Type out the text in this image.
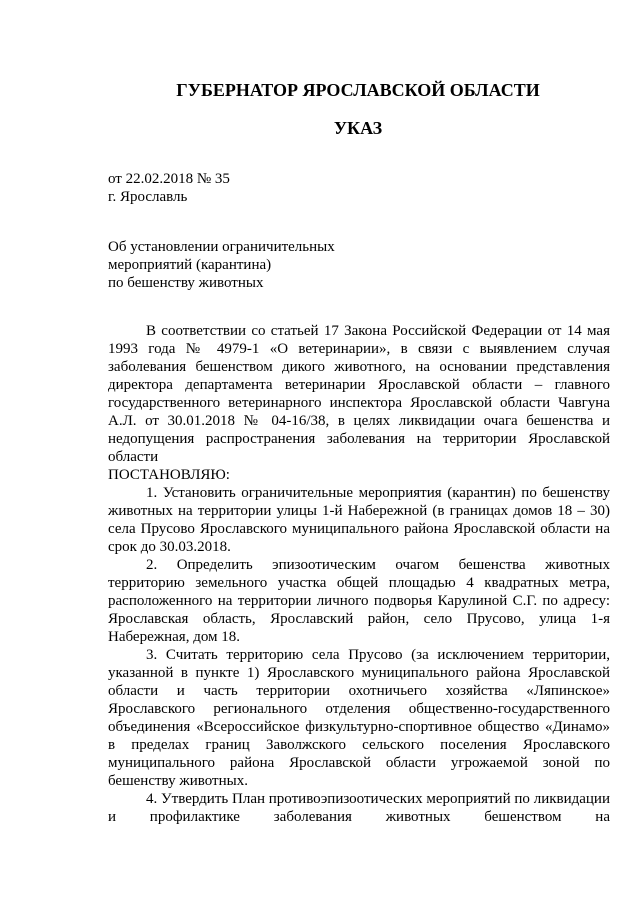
ГУБЕРНАТОР ЯРОСЛАВСКОЙ ОБЛАСТИ
УКАЗ
от 22.02.2018 № 35
г. Ярославль
Об установлении ограничительных
мероприятий (карантина)
по бешенству животных

В соответствии со статьей 17 Закона Российской Федерации от 14 мая 1993 года № 4979-1 «О ветеринарии», в связи с выявлением случая заболевания бешенством дикого животного, на основании представления директора департамента ветеринарии Ярославской области – главного государственного ветеринарного инспектора Ярославской области Чавгуна А.Л. от 30.01.2018 № 04-16/38, в целях ликвидации очага бешенства и недопущения распространения заболевания на территории Ярославской области

ПОСТАНОВЛЯЮ:

1. Установить ограничительные мероприятия (карантин) по бешенству животных на территории улицы 1-й Набережной (в границах домов 18 – 30) села Прусово Ярославского муниципального района Ярославской области на срок до 30.03.2018.

2. Определить эпизоотическим очагом бешенства животных территорию земельного участка общей площадью 4 квадратных метра, расположенного на территории личного подворья Карулиной С.Г. по адресу: Ярославская область, Ярославский район, село Прусово, улица 1-я Набережная, дом 18.

3. Считать территорию села Прусово (за исключением территории, указанной в пункте 1) Ярославского муниципального района Ярославской области и часть территории охотничьего хозяйства «Ляпинское» Ярославского регионального отделения общественно-государственного объединения «Всероссийское физкультурно-спортивное общество «Динамо» в пределах границ Заволжского сельского поселения Ярославского муниципального района Ярославской области угрожаемой зоной по бешенству животных.

4. Утвердить План противоэпизоотических мероприятий по ликвидации и профилактике заболевания животных бешенством на
